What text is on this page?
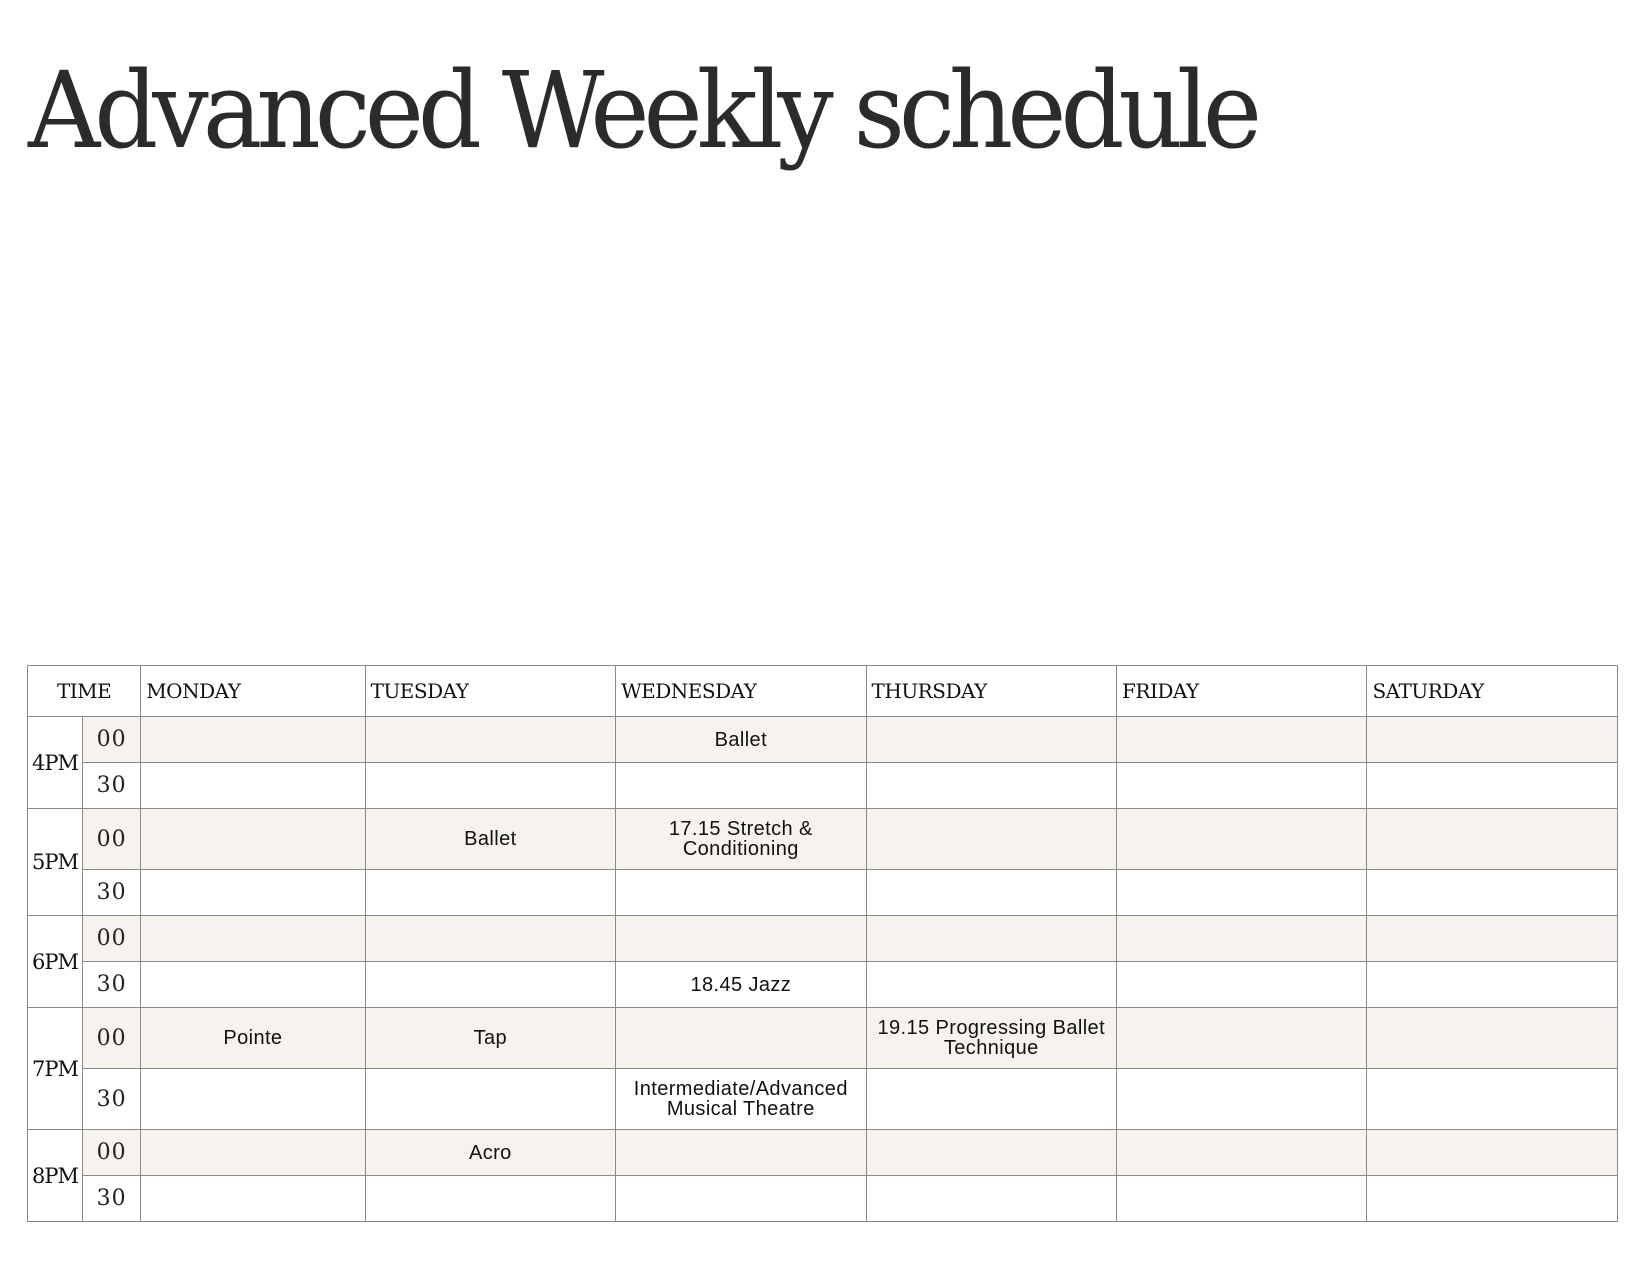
Advanced Weekly schedule
TIME		MONDAY	TUESDAY	WEDNESDAY	THURSDAY	FRIDAY	SATURDAY
4PM	00			Ballet			
	30						
5PM	00		Ballet	17.15 Stretch & Conditioning			
	30						
6PM	00						
	30			18.45 Jazz			
7PM	00	Pointe	Tap		19.15 Progressing Ballet Technique		
	30			Intermediate/Advanced Musical Theatre			
8PM	00		Acro				
	30						
